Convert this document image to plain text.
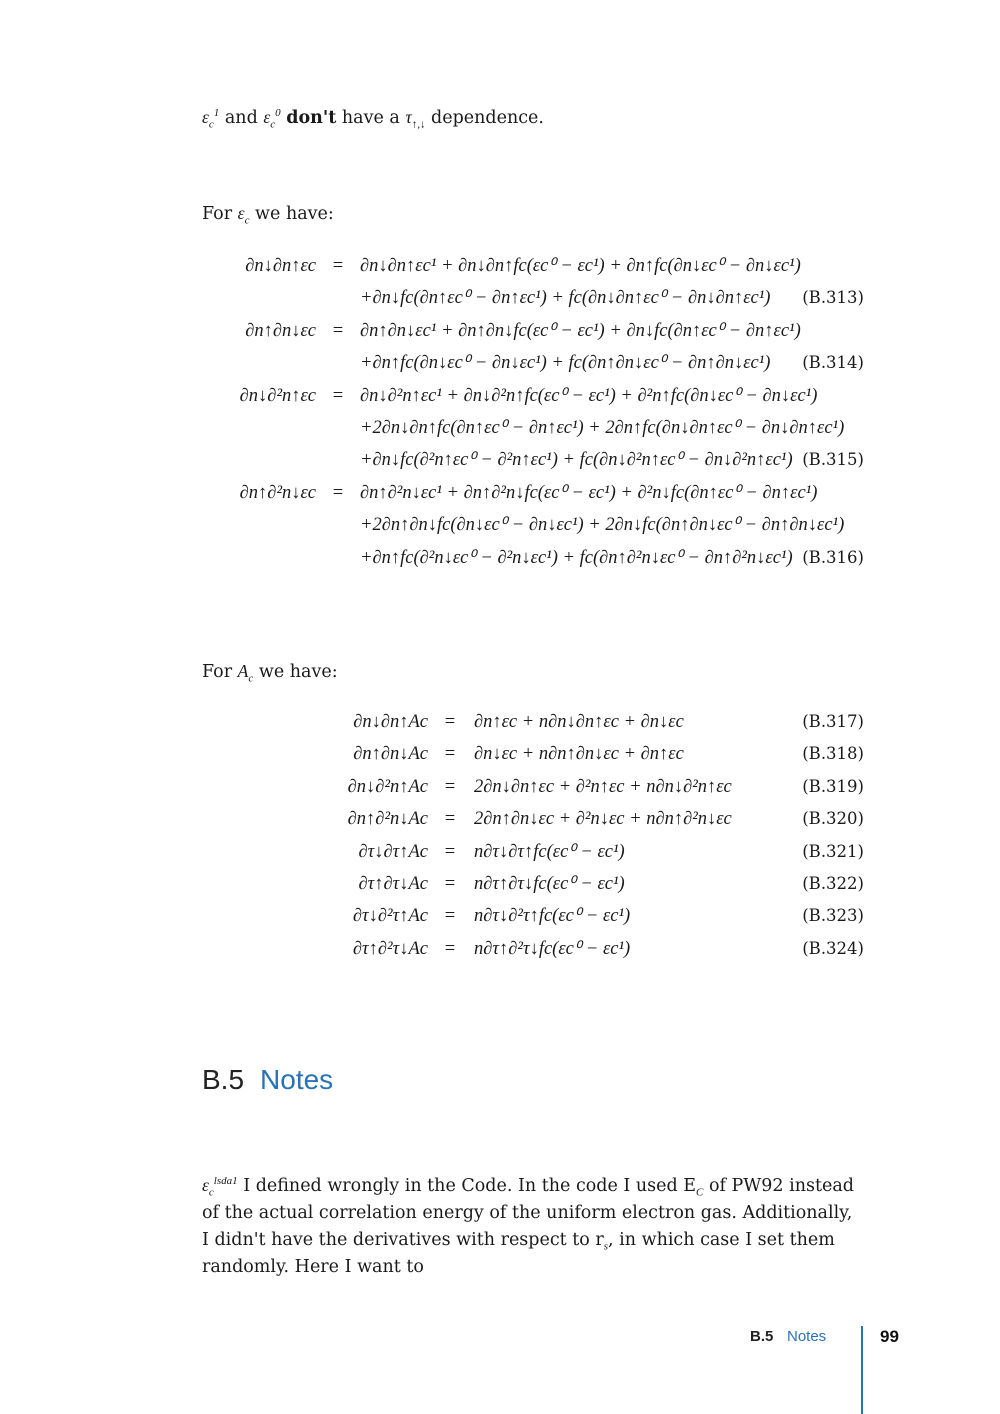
$\varepsilon_c^1$ and $\varepsilon_c^0$ don't have a $\tau_{↑,↓}$ dependence.
For $\varepsilon_c$ we have:
∂n↓∂n↑εc = ∂n↓∂n↑εc¹ + ∂n↓∂n↑fc(εc⁰ − εc¹) + ∂n↑fc(∂n↓εc⁰ − ∂n↓εc¹)
+∂n↓fc(∂n↑εc⁰ − ∂n↑εc¹) + fc(∂n↓∂n↑εc⁰ − ∂n↓∂n↑εc¹) (B.313)
∂n↑∂n↓εc = ∂n↑∂n↓εc¹ + ∂n↑∂n↓fc(εc⁰ − εc¹) + ∂n↓fc(∂n↑εc⁰ − ∂n↑εc¹)
+∂n↑fc(∂n↓εc⁰ − ∂n↓εc¹) + fc(∂n↑∂n↓εc⁰ − ∂n↑∂n↓εc¹) (B.314)
∂n↓∂²n↑εc = ∂n↓∂²n↑εc¹ + ∂n↓∂²n↑fc(εc⁰ − εc¹) + ∂²n↑fc(∂n↓εc⁰ − ∂n↓εc¹)
+2∂n↓∂n↑fc(∂n↑εc⁰ − ∂n↑εc¹) + 2∂n↑fc(∂n↓∂n↑εc⁰ − ∂n↓∂n↑εc¹)
+∂n↓fc(∂²n↑εc⁰ − ∂²n↑εc¹) + fc(∂n↓∂²n↑εc⁰ − ∂n↓∂²n↑εc¹) (B.315)
∂n↑∂²n↓εc = ∂n↑∂²n↓εc¹ + ∂n↑∂²n↓fc(εc⁰ − εc¹) + ∂²n↓fc(∂n↑εc⁰ − ∂n↑εc¹)
+2∂n↑∂n↓fc(∂n↓εc⁰ − ∂n↓εc¹) + 2∂n↓fc(∂n↑∂n↓εc⁰ − ∂n↑∂n↓εc¹)
+∂n↑fc(∂²n↓εc⁰ − ∂²n↓εc¹) + fc(∂n↑∂²n↓εc⁰ − ∂n↑∂²n↓εc¹) (B.316)
For $A_c$ we have:
∂n↓∂n↑Ac = ∂n↑εc + n∂n↓∂n↑εc + ∂n↓εc	(B.317)
∂n↑∂n↓Ac = ∂n↓εc + n∂n↑∂n↓εc + ∂n↑εc	(B.318)
∂n↓∂²n↑Ac = 2∂n↓∂n↑εc + ∂²n↑εc + n∂n↓∂²n↑εc	(B.319)
∂n↑∂²n↓Ac = 2∂n↑∂n↓εc + ∂²n↓εc + n∂n↑∂²n↓εc	(B.320)
∂τ↓∂τ↑Ac = n∂τ↓∂τ↑fc(εc⁰ − εc¹)	(B.321)
∂τ↑∂τ↓Ac = n∂τ↑∂τ↓fc(εc⁰ − εc¹)	(B.322)
∂τ↓∂²τ↑Ac = n∂τ↓∂²τ↑fc(εc⁰ − εc¹)	(B.323)
∂τ↑∂²τ↓Ac = n∂τ↑∂²τ↓fc(εc⁰ − εc¹)	(B.324)
B.5 Notes
$\varepsilon_c^{lsda1}$ I defined wrongly in the Code. In the code I used $E_C$ of PW92 instead of the actual correlation energy of the uniform electron gas. Additionally, I didn't have the derivatives with respect to $r_s$, in which case I set them randomly. Here I want to
B.5 Notes	99
